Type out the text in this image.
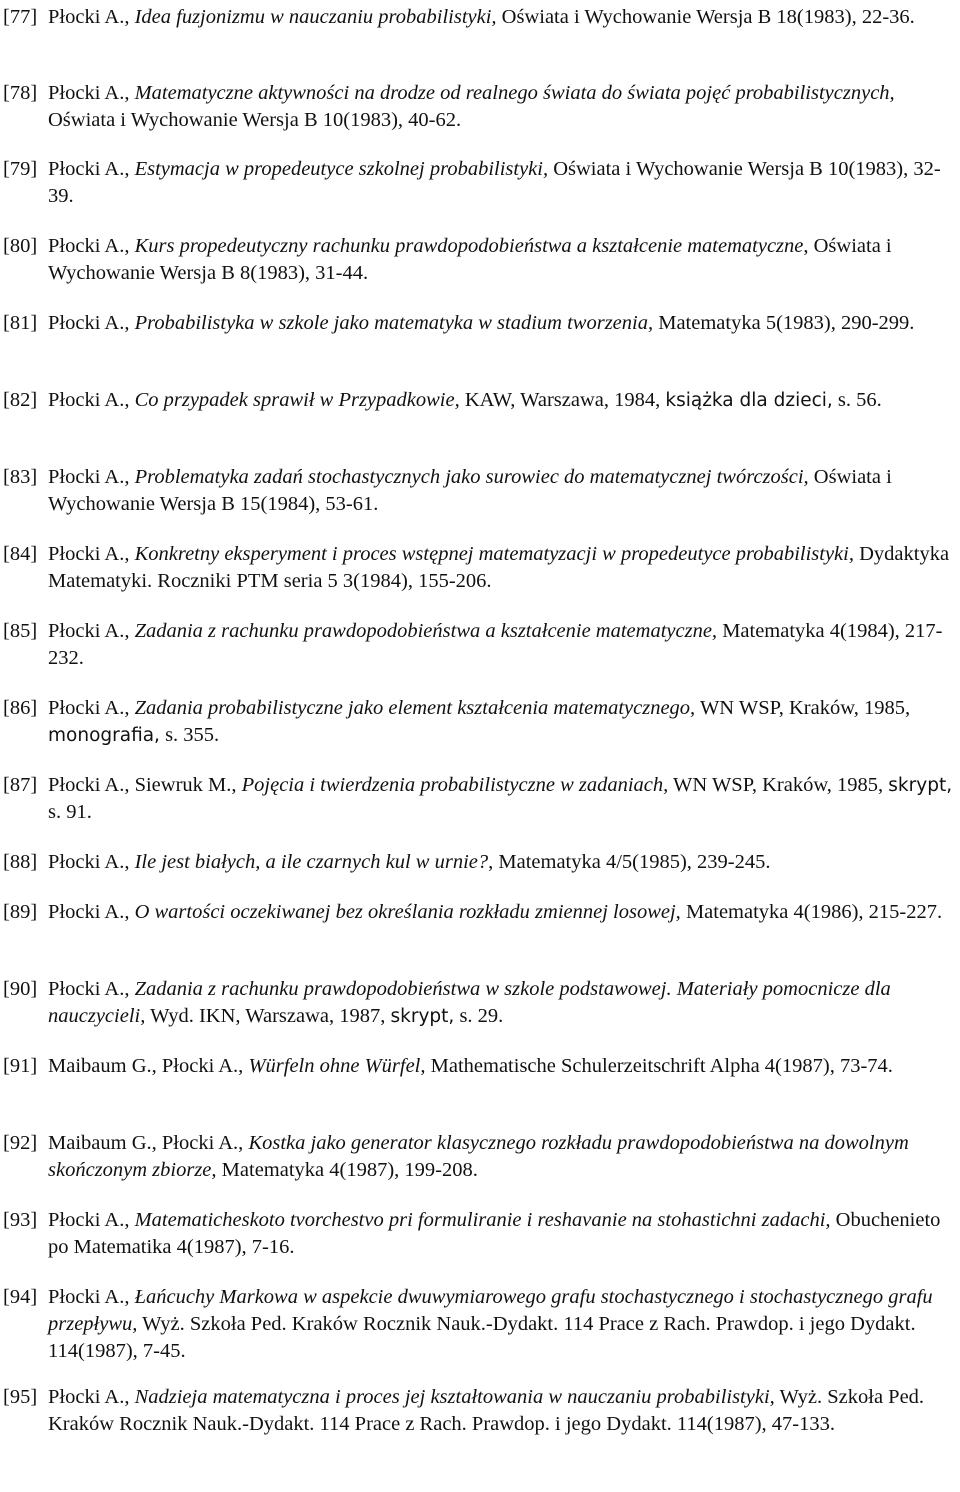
[77] Płocki A., Idea fuzjonizmu w nauczaniu probabilistyki, Oświata i Wychowanie Wersja B 18(1983), 22-36.
[78] Płocki A., Matematyczne aktywności na drodze od realnego świata do świata pojęć probabilistycznych, Oświata i Wychowanie Wersja B 10(1983), 40-62.
[79] Płocki A., Estymacja w propedeutyce szkolnej probabilistyki, Oświata i Wychowanie Wersja B 10(1983), 32-39.
[80] Płocki A., Kurs propedeutyczny rachunku prawdopodobieństwa a kształcenie matematyczne, Oświata i Wychowanie Wersja B 8(1983), 31-44.
[81] Płocki A., Probabilistyka w szkole jako matematyka w stadium tworzenia, Matematyka 5(1983), 290-299.
[82] Płocki A., Co przypadek sprawił w Przypadkowie, KAW, Warszawa, 1984, książka dla dzieci, s. 56.
[83] Płocki A., Problematyka zadań stochastycznych jako surowiec do matematycznej twórczości, Oświata i Wychowanie Wersja B 15(1984), 53-61.
[84] Płocki A., Konkretny eksperyment i proces wstępnej matematyzacji w propedeutyce probabilistyki, Dydaktyka Matematyki. Roczniki PTM seria 5 3(1984), 155-206.
[85] Płocki A., Zadania z rachunku prawdopodobieństwa a kształcenie matematyczne, Matematyka 4(1984), 217-232.
[86] Płocki A., Zadania probabilistyczne jako element kształcenia matematycznego, WN WSP, Kraków, 1985, monografia, s. 355.
[87] Płocki A., Siewruk M., Pojęcia i twierdzenia probabilistyczne w zadaniach, WN WSP, Kraków, 1985, skrypt, s. 91.
[88] Płocki A., Ile jest białych, a ile czarnych kul w urnie?, Matematyka 4/5(1985), 239-245.
[89] Płocki A., O wartości oczekiwanej bez określania rozkładu zmiennej losowej, Matematyka 4(1986), 215-227.
[90] Płocki A., Zadania z rachunku prawdopodobieństwa w szkole podstawowej. Materiały pomocnicze dla nauczycieli, Wyd. IKN, Warszawa, 1987, skrypt, s. 29.
[91] Maibaum G., Płocki A., Würfeln ohne Würfel, Mathematische Schulerzeitschrift Alpha 4(1987), 73-74.
[92] Maibaum G., Płocki A., Kostka jako generator klasycznego rozkładu prawdopodobieństwa na dowolnym skończonym zbiorze, Matematyka 4(1987), 199-208.
[93] Płocki A., Matematicheskoto tvorchestvo pri formuliranie i reshavanie na stohastichni zadachi, Obuchenieto po Matematika 4(1987), 7-16.
[94] Płocki A., Łańcuchy Markowa w aspekcie dwuwymiarowego grafu stochastycznego i stochastycznego grafu przepływu, Wyż. Szkoła Ped. Kraków Rocznik Nauk.-Dydakt. 114 Prace z Rach. Prawdop. i jego Dydakt. 114(1987), 7-45.
[95] Płocki A., Nadzieja matematyczna i proces jej kształtowania w nauczaniu probabilistyki, Wyż. Szkoła Ped. Kraków Rocznik Nauk.-Dydakt. 114 Prace z Rach. Prawdop. i jego Dydakt. 114(1987), 47-133.
